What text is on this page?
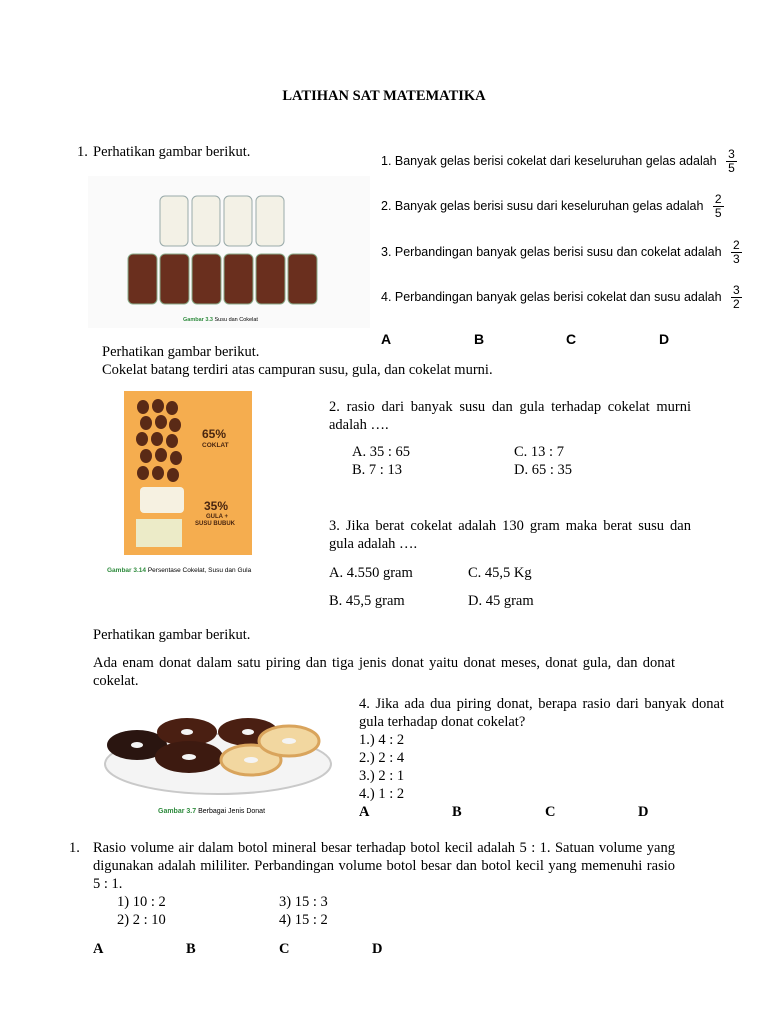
LATIHAN SAT MATEMATIKA
1. Perhatikan gambar berikut.
Gambar 3.3 Susu dan Cokelat
1. Banyak gelas berisi cokelat dari keseluruhan gelas adalah $\frac{3}{5}$
2. Banyak gelas berisi susu dari keseluruhan gelas adalah $\frac{2}{5}$
3. Perbandingan banyak gelas berisi susu dan cokelat adalah $\frac{2}{3}$
4. Perbandingan banyak gelas berisi cokelat dan susu adalah $\frac{3}{2}$
A	B	C	D
Perhatikan gambar berikut.
Cokelat batang terdiri atas campuran susu, gula, dan cokelat murni.
65%
COKLAT
35%
GULA +
SUSU BUBUK
Gambar 3.14 Persentase Cokelat, Susu dan Gula
2. rasio dari banyak susu dan gula terhadap cokelat murni adalah ….
A. 35 : 65	C. 13 : 7
B. 7 : 13	D. 65 : 35
3. Jika berat cokelat adalah 130 gram maka berat susu dan gula adalah ….
A. 4.550 gram	C. 45,5 Kg
B. 45,5 gram	D. 45 gram
Perhatikan gambar berikut.
Ada enam donat dalam satu piring dan tiga jenis donat yaitu donat meses, donat gula, dan donat cokelat.
Gambar 3.7 Berbagai Jenis Donat
4. Jika ada dua piring donat, berapa rasio dari banyak donat gula terhadap donat cokelat?
1.) 4 : 2
2.) 2 : 4
3.) 2 : 1
4.) 1 : 2
A	B	C	D
1. Rasio volume air dalam botol mineral besar terhadap botol kecil adalah 5 : 1. Satuan volume yang digunakan adalah mililiter. Perbandingan volume botol besar dan botol kecil yang memenuhi rasio 5 : 1.
1) 10 : 2	3) 15 : 3
2) 2 : 10	4) 15 : 2
A	B	C	D
